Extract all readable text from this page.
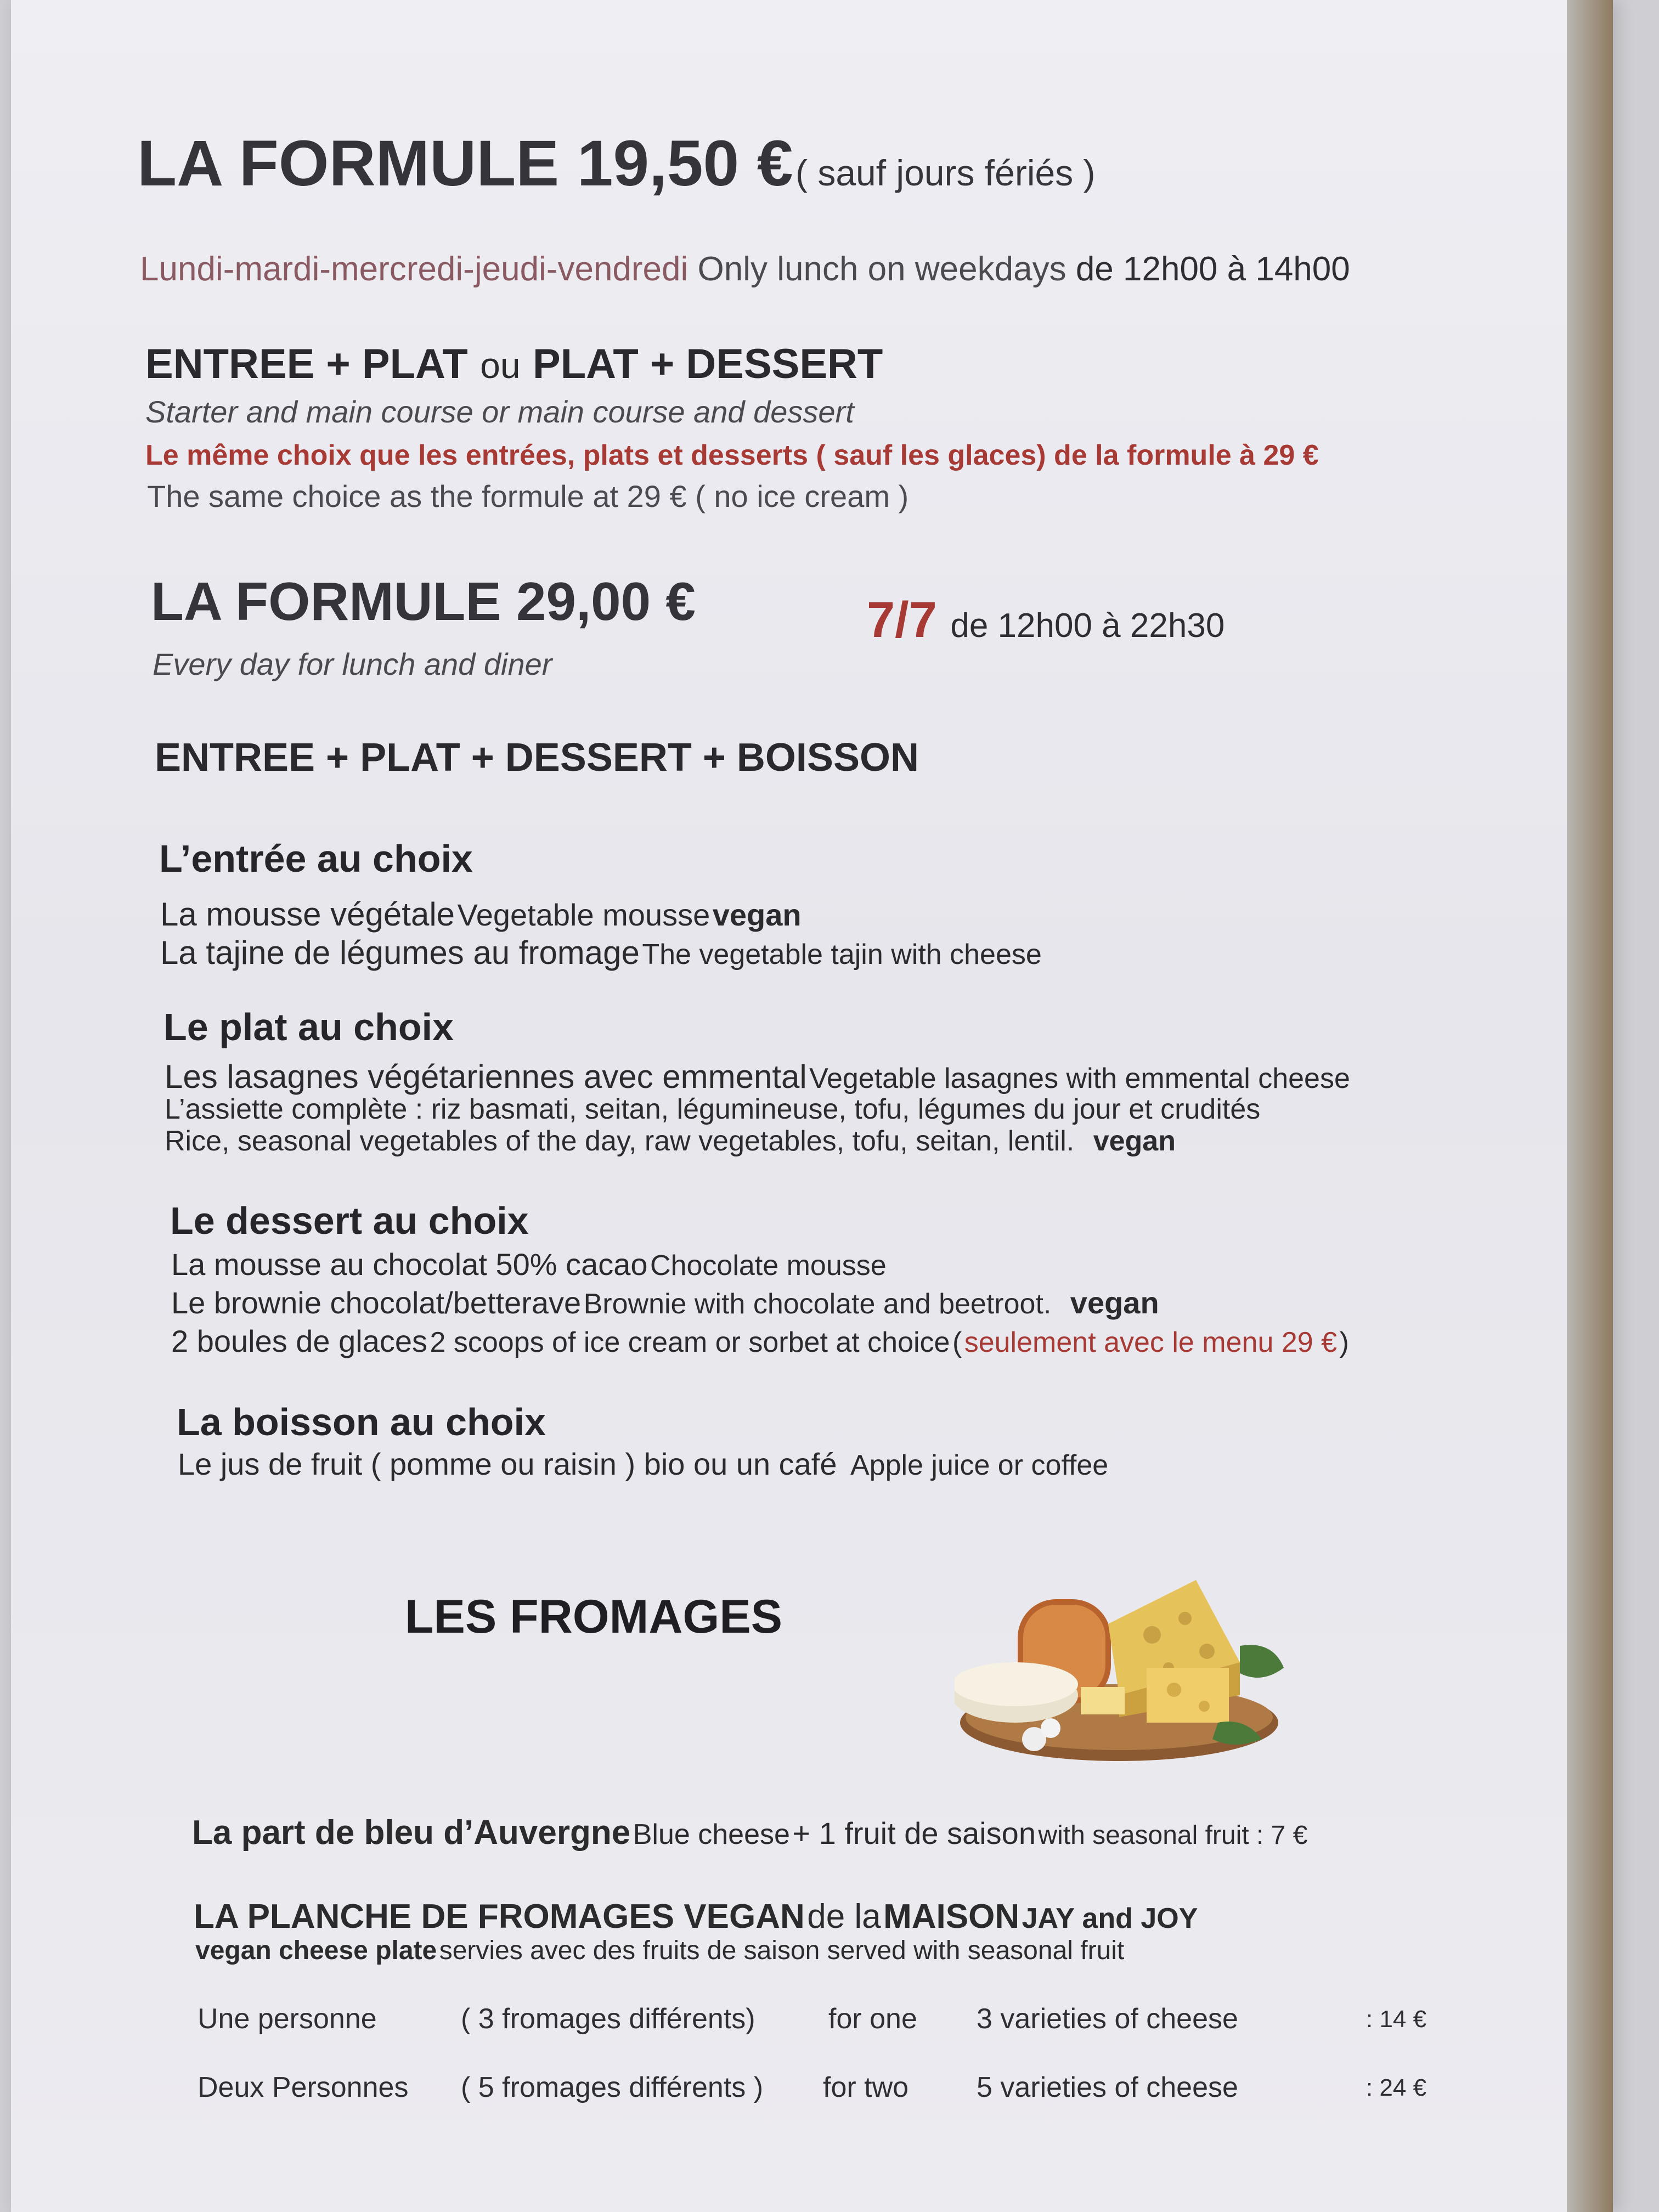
LA FORMULE 19,50 € ( sauf jours fériés )
Lundi-mardi-mercredi-jeudi-vendredi Only lunch on weekdays de 12h00 à 14h00
ENTREE + PLAT ou PLAT + DESSERT
Starter and main course or main course and dessert
Le même choix que les entrées, plats et desserts ( sauf les glaces) de la formule à 29 €
The same choice as the formule at 29 € ( no ice cream )
LA FORMULE 29,00 €	7/7 de 12h00 à 22h30
Every day for lunch and diner
ENTREE + PLAT + DESSERT + BOISSON
L’entrée au choix
La mousse végétale Vegetable mousse vegan
La tajine de légumes au fromage The vegetable tajin with cheese
Le plat au choix
Les lasagnes végétariennes avec emmental Vegetable lasagnes with emmental cheese
L’assiette complète : riz basmati, seitan, légumineuse, tofu, légumes du jour et crudités
Rice, seasonal vegetables of the day, raw vegetables, tofu, seitan, lentil. vegan
Le dessert au choix
La mousse au chocolat 50% cacao Chocolate mousse
Le brownie chocolat/betterave Brownie with chocolate and beetroot. vegan
2 boules de glaces 2 scoops of ice cream or sorbet at choice ( seulement avec le menu 29 € )
La boisson au choix
Le jus de fruit ( pomme ou raisin ) bio ou un café Apple juice or coffee
LES FROMAGES
La part de bleu d’Auvergne Blue cheese + 1 fruit de saison with seasonal fruit : 7 €
LA PLANCHE DE FROMAGES VEGAN de la MAISON JAY and JOY
vegan cheese plate servies avec des fruits de saison served with seasonal fruit
Une personne	( 3 fromages différents)	for one	3 varieties of cheese	: 14 €
Deux Personnes	( 5 fromages différents )	for two	5 varieties of cheese	: 24 €
